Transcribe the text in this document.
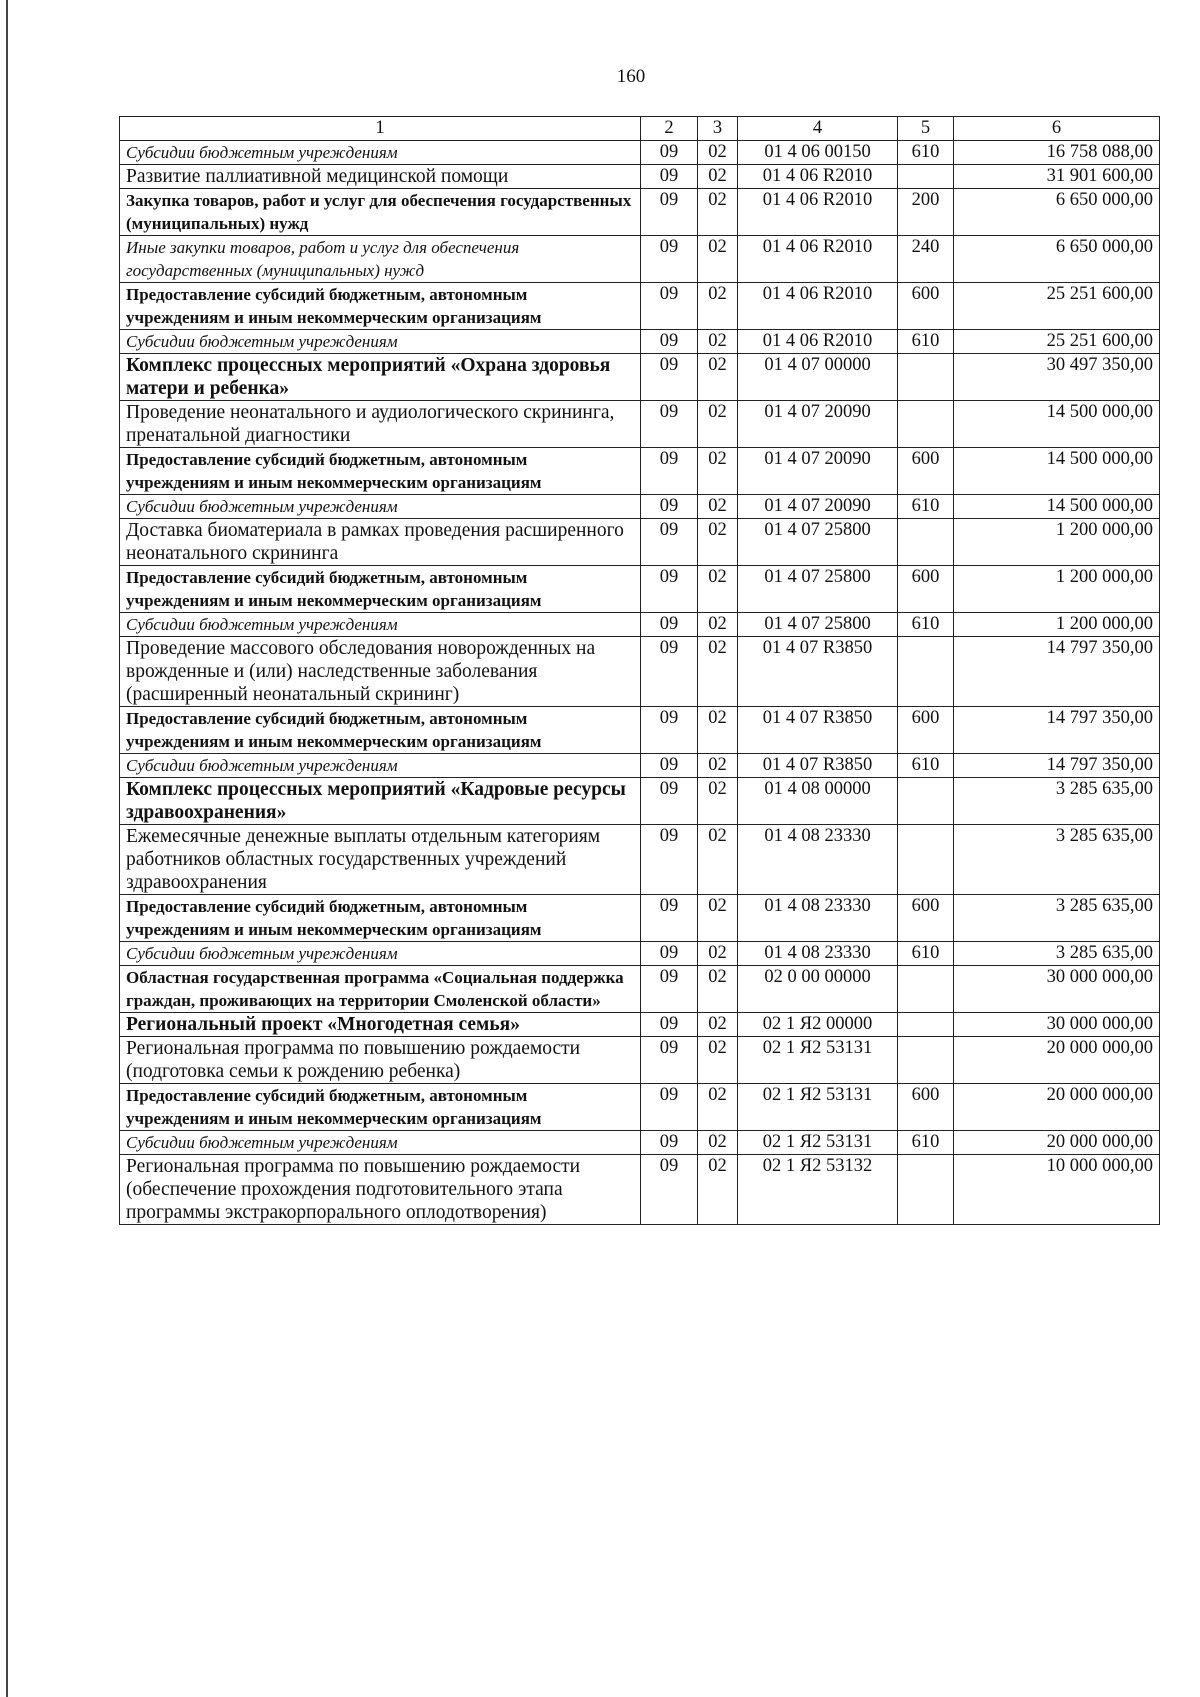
160
1	2	3	4	5	6
Субсидии бюджетным учреждениям	09	02	01 4 06 00150	610	16 758 088,00
Развитие паллиативной медицинской помощи	09	02	01 4 06 R2010		31 901 600,00
Закупка товаров, работ и услуг для обеспечения государственных (муниципальных) нужд	09	02	01 4 06 R2010	200	6 650 000,00
Иные закупки товаров, работ и услуг для обеспечения государственных (муниципальных) нужд	09	02	01 4 06 R2010	240	6 650 000,00
Предоставление субсидий бюджетным, автономным учреждениям и иным некоммерческим организациям	09	02	01 4 06 R2010	600	25 251 600,00
Субсидии бюджетным учреждениям	09	02	01 4 06 R2010	610	25 251 600,00
Комплекс процессных мероприятий «Охрана здоровья матери и ребенка»	09	02	01 4 07 00000		30 497 350,00
Проведение неонатального и аудиологического скрининга, пренатальной диагностики	09	02	01 4 07 20090		14 500 000,00
Предоставление субсидий бюджетным, автономным учреждениям и иным некоммерческим организациям	09	02	01 4 07 20090	600	14 500 000,00
Субсидии бюджетным учреждениям	09	02	01 4 07 20090	610	14 500 000,00
Доставка биоматериала в рамках проведения расширенного неонатального скрининга	09	02	01 4 07 25800		1 200 000,00
Предоставление субсидий бюджетным, автономным учреждениям и иным некоммерческим организациям	09	02	01 4 07 25800	600	1 200 000,00
Субсидии бюджетным учреждениям	09	02	01 4 07 25800	610	1 200 000,00
Проведение массового обследования новорожденных на врожденные и (или) наследственные заболевания (расширенный неонатальный скрининг)	09	02	01 4 07 R3850		14 797 350,00
Предоставление субсидий бюджетным, автономным учреждениям и иным некоммерческим организациям	09	02	01 4 07 R3850	600	14 797 350,00
Субсидии бюджетным учреждениям	09	02	01 4 07 R3850	610	14 797 350,00
Комплекс процессных мероприятий «Кадровые ресурсы здравоохранения»	09	02	01 4 08 00000		3 285 635,00
Ежемесячные денежные выплаты отдельным категориям работников областных государственных учреждений здравоохранения	09	02	01 4 08 23330		3 285 635,00
Предоставление субсидий бюджетным, автономным учреждениям и иным некоммерческим организациям	09	02	01 4 08 23330	600	3 285 635,00
Субсидии бюджетным учреждениям	09	02	01 4 08 23330	610	3 285 635,00
Областная государственная программа «Социальная поддержка граждан, проживающих на территории Смоленской области»	09	02	02 0 00 00000		30 000 000,00
Региональный проект «Многодетная семья»	09	02	02 1 Я2 00000		30 000 000,00
Региональная программа по повышению рождаемости (подготовка семьи к рождению ребенка)	09	02	02 1 Я2 53131		20 000 000,00
Предоставление субсидий бюджетным, автономным учреждениям и иным некоммерческим организациям	09	02	02 1 Я2 53131	600	20 000 000,00
Субсидии бюджетным учреждениям	09	02	02 1 Я2 53131	610	20 000 000,00
Региональная программа по повышению рождаемости (обеспечение прохождения подготовительного этапа программы экстракорпорального оплодотворения)	09	02	02 1 Я2 53132		10 000 000,00
